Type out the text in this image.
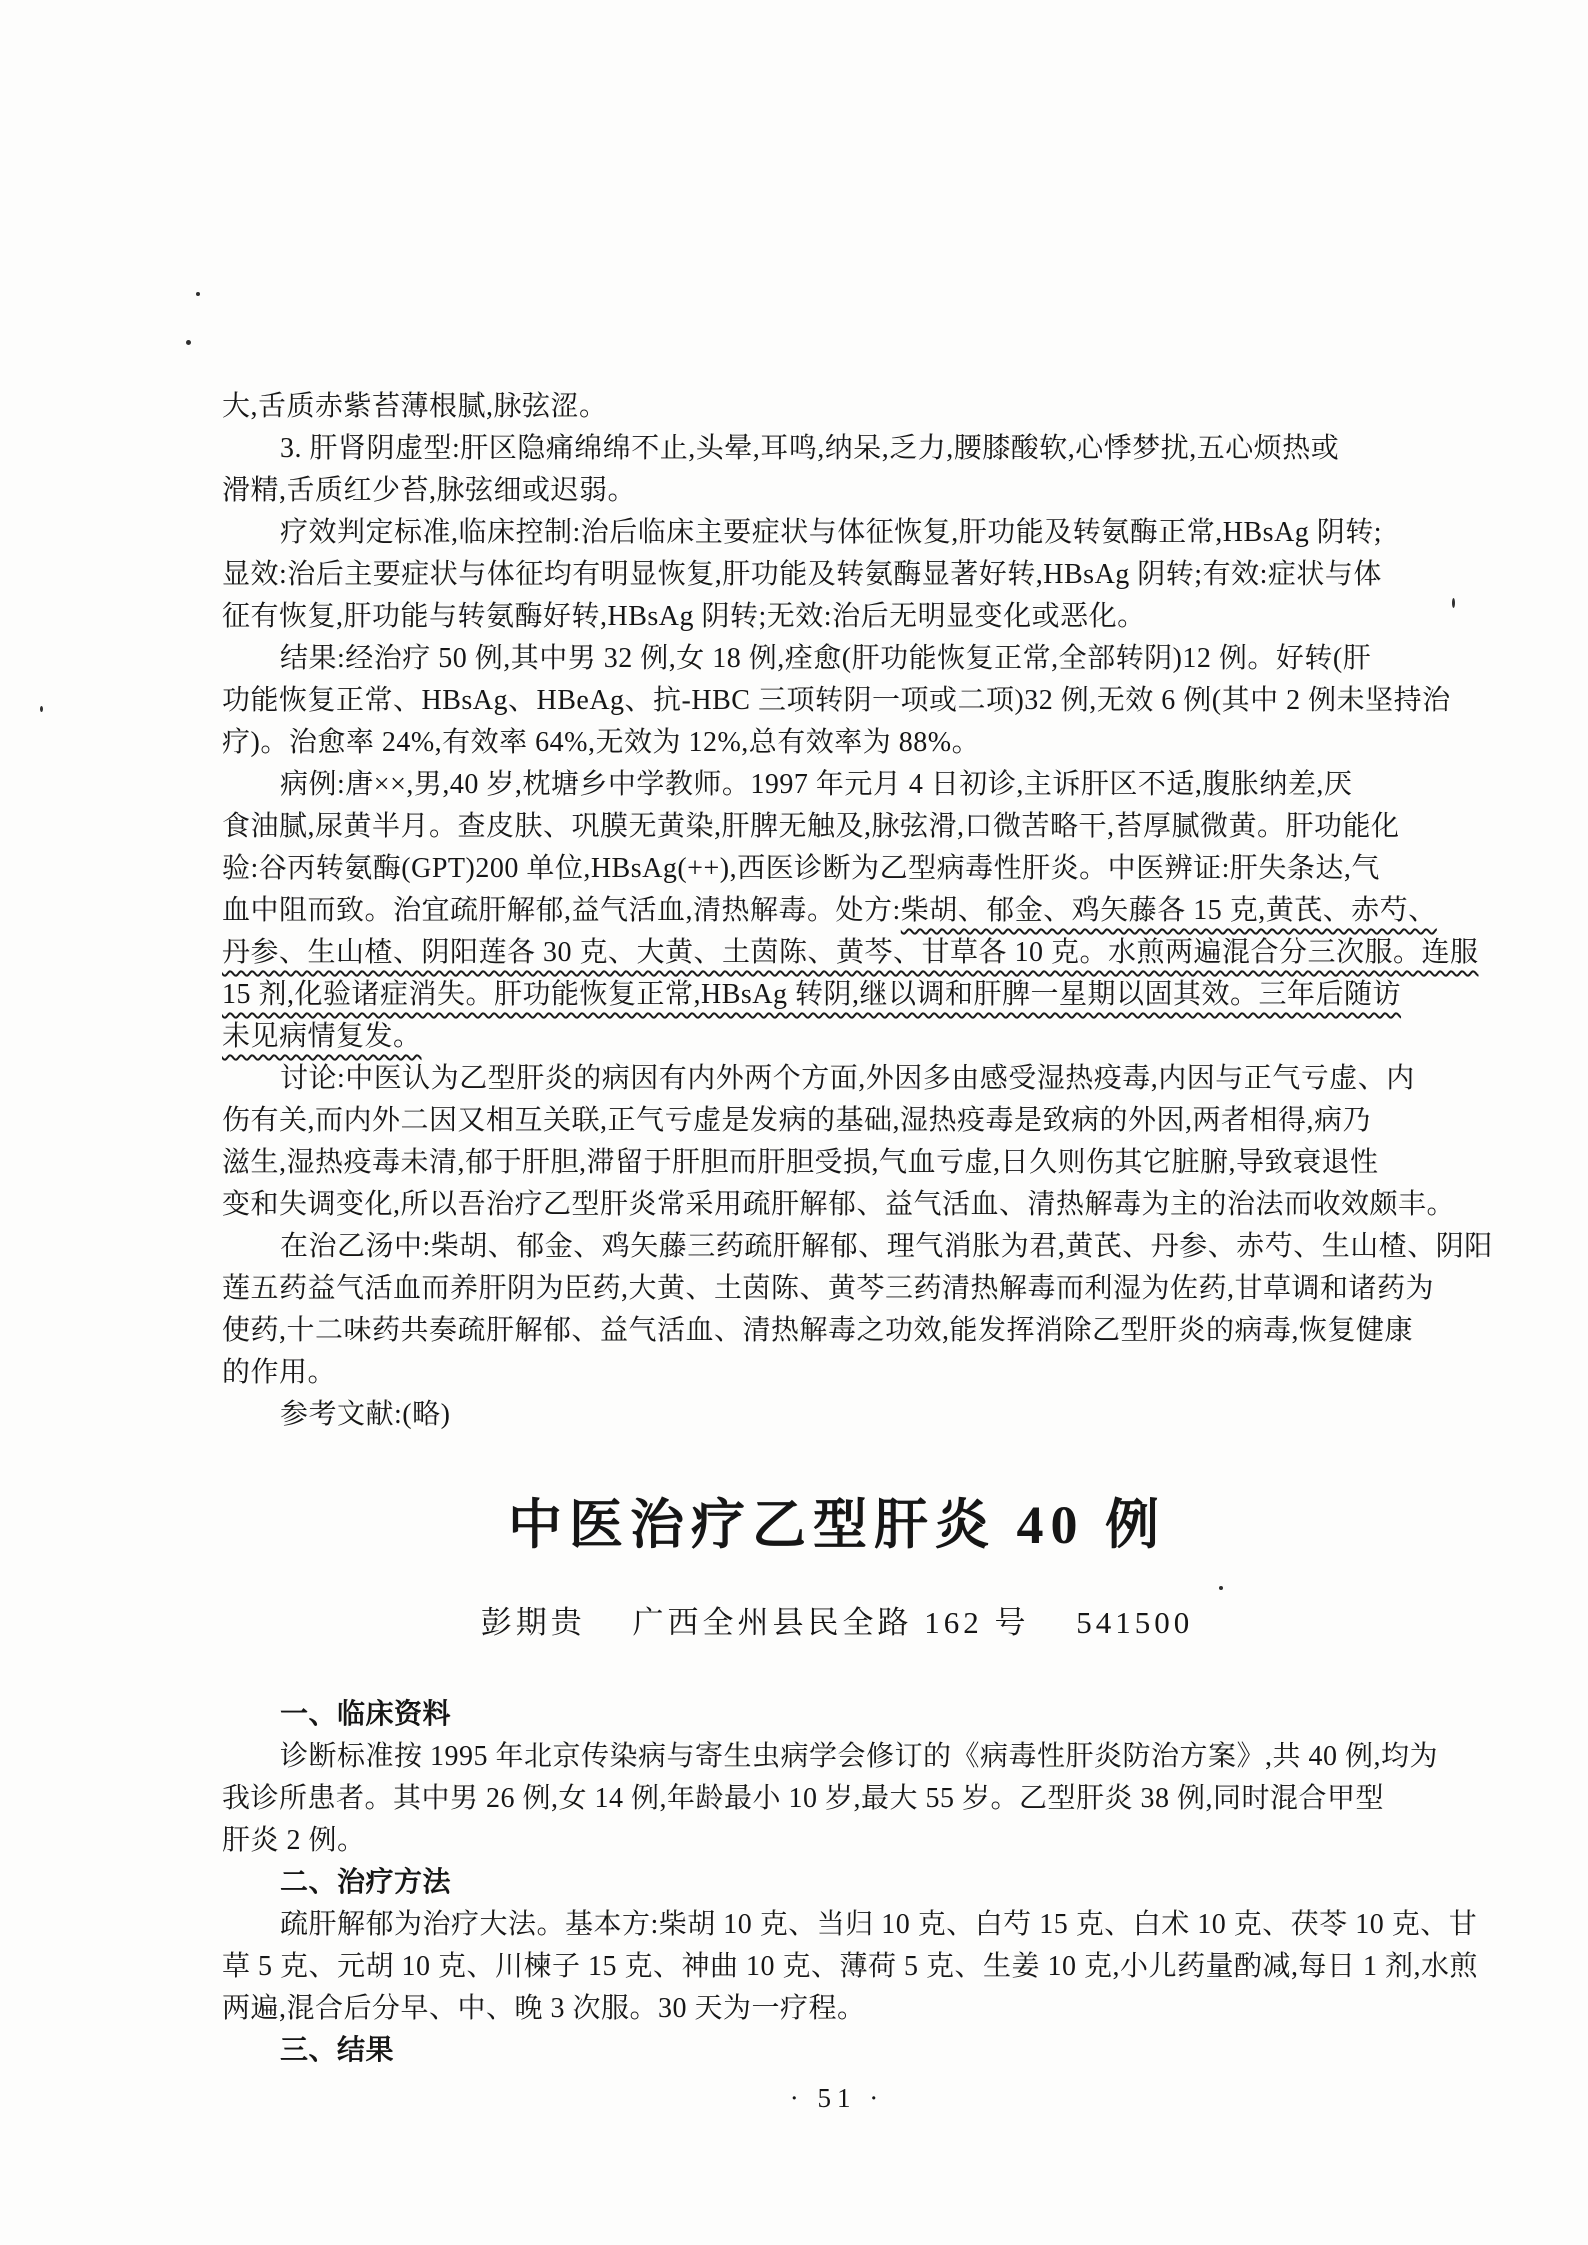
大,舌质赤紫苔薄根腻,脉弦涩。
3. 肝肾阴虚型:肝区隐痛绵绵不止,头晕,耳鸣,纳呆,乏力,腰膝酸软,心悸梦扰,五心烦热或
滑精,舌质红少苔,脉弦细或迟弱。
疗效判定标准,临床控制:治后临床主要症状与体征恢复,肝功能及转氨酶正常,HBsAg 阴转;
显效:治后主要症状与体征均有明显恢复,肝功能及转氨酶显著好转,HBsAg 阴转;有效:症状与体
征有恢复,肝功能与转氨酶好转,HBsAg 阴转;无效:治后无明显变化或恶化。
结果:经治疗 50 例,其中男 32 例,女 18 例,痊愈(肝功能恢复正常,全部转阴)12 例。好转(肝
功能恢复正常、HBsAg、HBeAg、抗-HBC 三项转阴一项或二项)32 例,无效 6 例(其中 2 例未坚持治
疗)。治愈率 24%,有效率 64%,无效为 12%,总有效率为 88%。
病例:唐××,男,40 岁,枕塘乡中学教师。1997 年元月 4 日初诊,主诉肝区不适,腹胀纳差,厌
食油腻,尿黄半月。查皮肤、巩膜无黄染,肝脾无触及,脉弦滑,口微苦略干,苔厚腻微黄。肝功能化
验:谷丙转氨酶(GPT)200 单位,HBsAg(++),西医诊断为乙型病毒性肝炎。中医辨证:肝失条达,气
血中阻而致。治宜疏肝解郁,益气活血,清热解毒。处方:柴胡、郁金、鸡矢藤各 15 克,黄芪、赤芍、
丹参、生山楂、阴阳莲各 30 克、大黄、土茵陈、黄芩、甘草各 10 克。水煎两遍混合分三次服。连服
15 剂,化验诸症消失。肝功能恢复正常,HBsAg 转阴,继以调和肝脾一星期以固其效。三年后随访
未见病情复发。
讨论:中医认为乙型肝炎的病因有内外两个方面,外因多由感受湿热疫毒,内因与正气亏虚、内
伤有关,而内外二因又相互关联,正气亏虚是发病的基础,湿热疫毒是致病的外因,两者相得,病乃
滋生,湿热疫毒未清,郁于肝胆,滞留于肝胆而肝胆受损,气血亏虚,日久则伤其它脏腑,导致衰退性
变和失调变化,所以吾治疗乙型肝炎常采用疏肝解郁、益气活血、清热解毒为主的治法而收效颇丰。
在治乙汤中:柴胡、郁金、鸡矢藤三药疏肝解郁、理气消胀为君,黄芪、丹参、赤芍、生山楂、阴阳
莲五药益气活血而养肝阴为臣药,大黄、土茵陈、黄芩三药清热解毒而利湿为佐药,甘草调和诸药为
使药,十二味药共奏疏肝解郁、益气活血、清热解毒之功效,能发挥消除乙型肝炎的病毒,恢复健康
的作用。
参考文献:(略)
中医治疗乙型肝炎 40 例
彭期贵　 广西全州县民全路 162 号　 541500
一、临床资料
诊断标准按 1995 年北京传染病与寄生虫病学会修订的《病毒性肝炎防治方案》,共 40 例,均为
我诊所患者。其中男 26 例,女 14 例,年龄最小 10 岁,最大 55 岁。乙型肝炎 38 例,同时混合甲型
肝炎 2 例。
二、治疗方法
疏肝解郁为治疗大法。基本方:柴胡 10 克、当归 10 克、白芍 15 克、白术 10 克、茯苓 10 克、甘
草 5 克、元胡 10 克、川楝子 15 克、神曲 10 克、薄荷 5 克、生姜 10 克,小儿药量酌减,每日 1 剂,水煎
两遍,混合后分早、中、晚 3 次服。30 天为一疗程。
三、结果
· 51 ·
